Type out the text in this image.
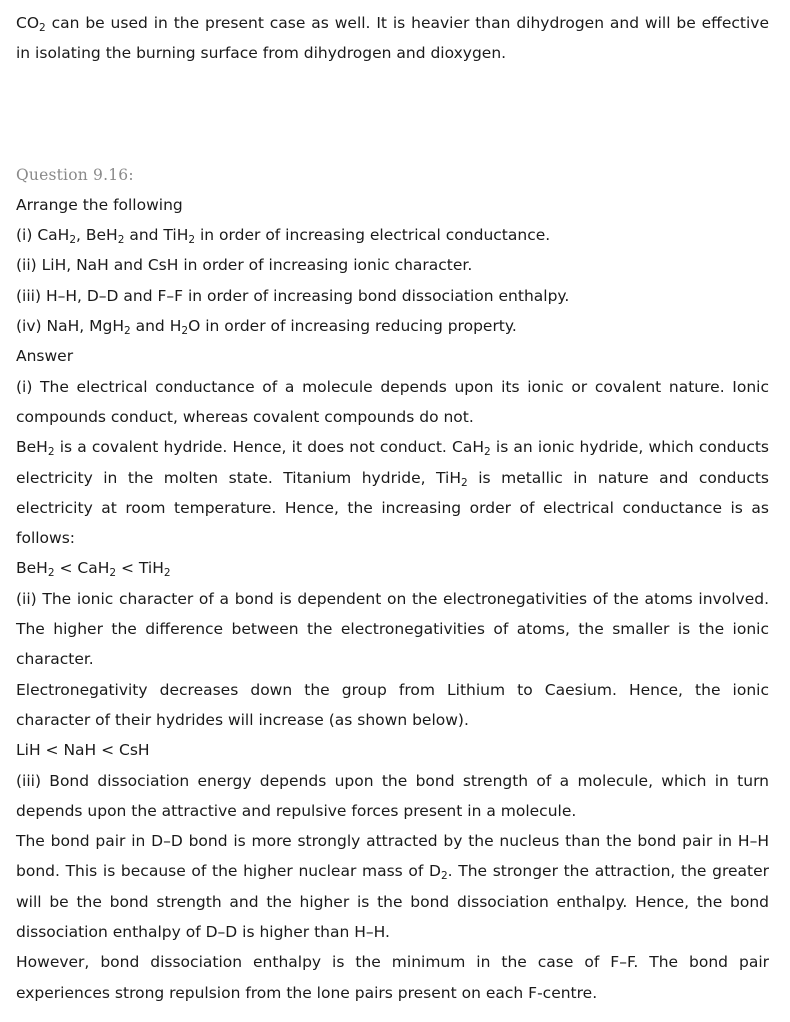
$CO_2$ can be used in the present case as well. It is heavier than dihydrogen and will be effective in isolating the burning surface from dihydrogen and dioxygen.

Question 9.16:

Arrange the following

(i) CaH$_2$, BeH$_2$ and TiH$_2$ in order of increasing electrical conductance.

(ii) LiH, NaH and CsH in order of increasing ionic character.

(iii) H–H, D–D and F–F in order of increasing bond dissociation enthalpy.

(iv) NaH, MgH$_2$ and $H_2O$ in order of increasing reducing property.

Answer

(i) The electrical conductance of a molecule depends upon its ionic or covalent nature. Ionic compounds conduct, whereas covalent compounds do not.

BeH$_2$ is a covalent hydride. Hence, it does not conduct. CaH$_2$ is an ionic hydride, which conducts electricity in the molten state. Titanium hydride, TiH$_2$ is metallic in nature and conducts electricity at room temperature. Hence, the increasing order of electrical conductance is as follows:

BeH$_2$ < CaH$_2$ < TiH$_2$

(ii) The ionic character of a bond is dependent on the electronegativities of the atoms involved. The higher the difference between the electronegativities of atoms, the smaller is the ionic character.

Electronegativity decreases down the group from Lithium to Caesium. Hence, the ionic character of their hydrides will increase (as shown below).

LiH < NaH < CsH

(iii) Bond dissociation energy depends upon the bond strength of a molecule, which in turn depends upon the attractive and repulsive forces present in a molecule.

The bond pair in D–D bond is more strongly attracted by the nucleus than the bond pair in H–H bond. This is because of the higher nuclear mass of $D_2$. The stronger the attraction, the greater will be the bond strength and the higher is the bond dissociation enthalpy. Hence, the bond dissociation enthalpy of D–D is higher than H–H.

However, bond dissociation enthalpy is the minimum in the case of F–F. The bond pair experiences strong repulsion from the lone pairs present on each F-centre.
